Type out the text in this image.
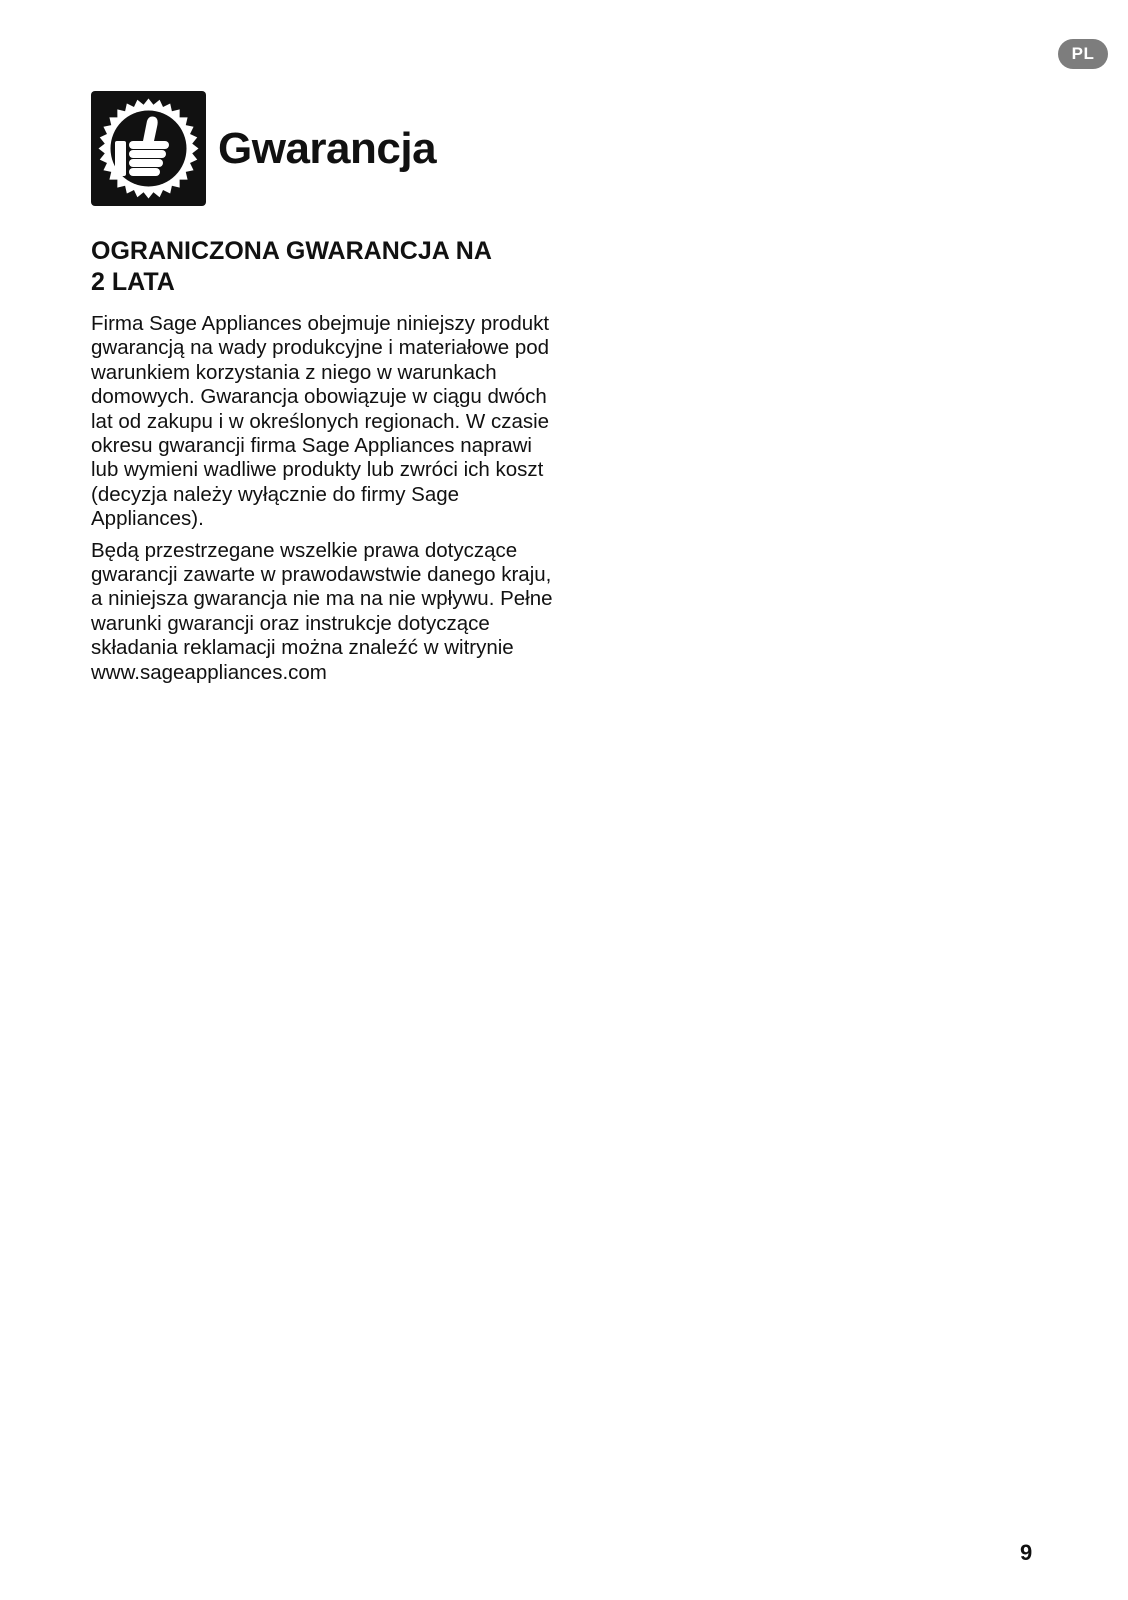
PL
Gwarancja
OGRANICZONA GWARANCJA NA
2 LATA

Firma Sage Appliances obejmuje niniejszy produkt gwarancją na wady produkcyjne i materiałowe pod warunkiem korzystania z niego w warunkach domowych. Gwarancja obowiązuje w ciągu dwóch lat od zakupu i w określonych regionach. W czasie okresu gwarancji firma Sage Appliances naprawi lub wymieni wadliwe produkty lub zwróci ich koszt (decyzja należy wyłącznie do firmy Sage Appliances).

Będą przestrzegane wszelkie prawa dotyczące gwarancji zawarte w prawodawstwie danego kraju, a niniejsza gwarancja nie ma na nie wpływu. Pełne warunki gwarancji oraz instrukcje dotyczące składania reklamacji można znaleźć w witrynie www.sageappliances.com

9
